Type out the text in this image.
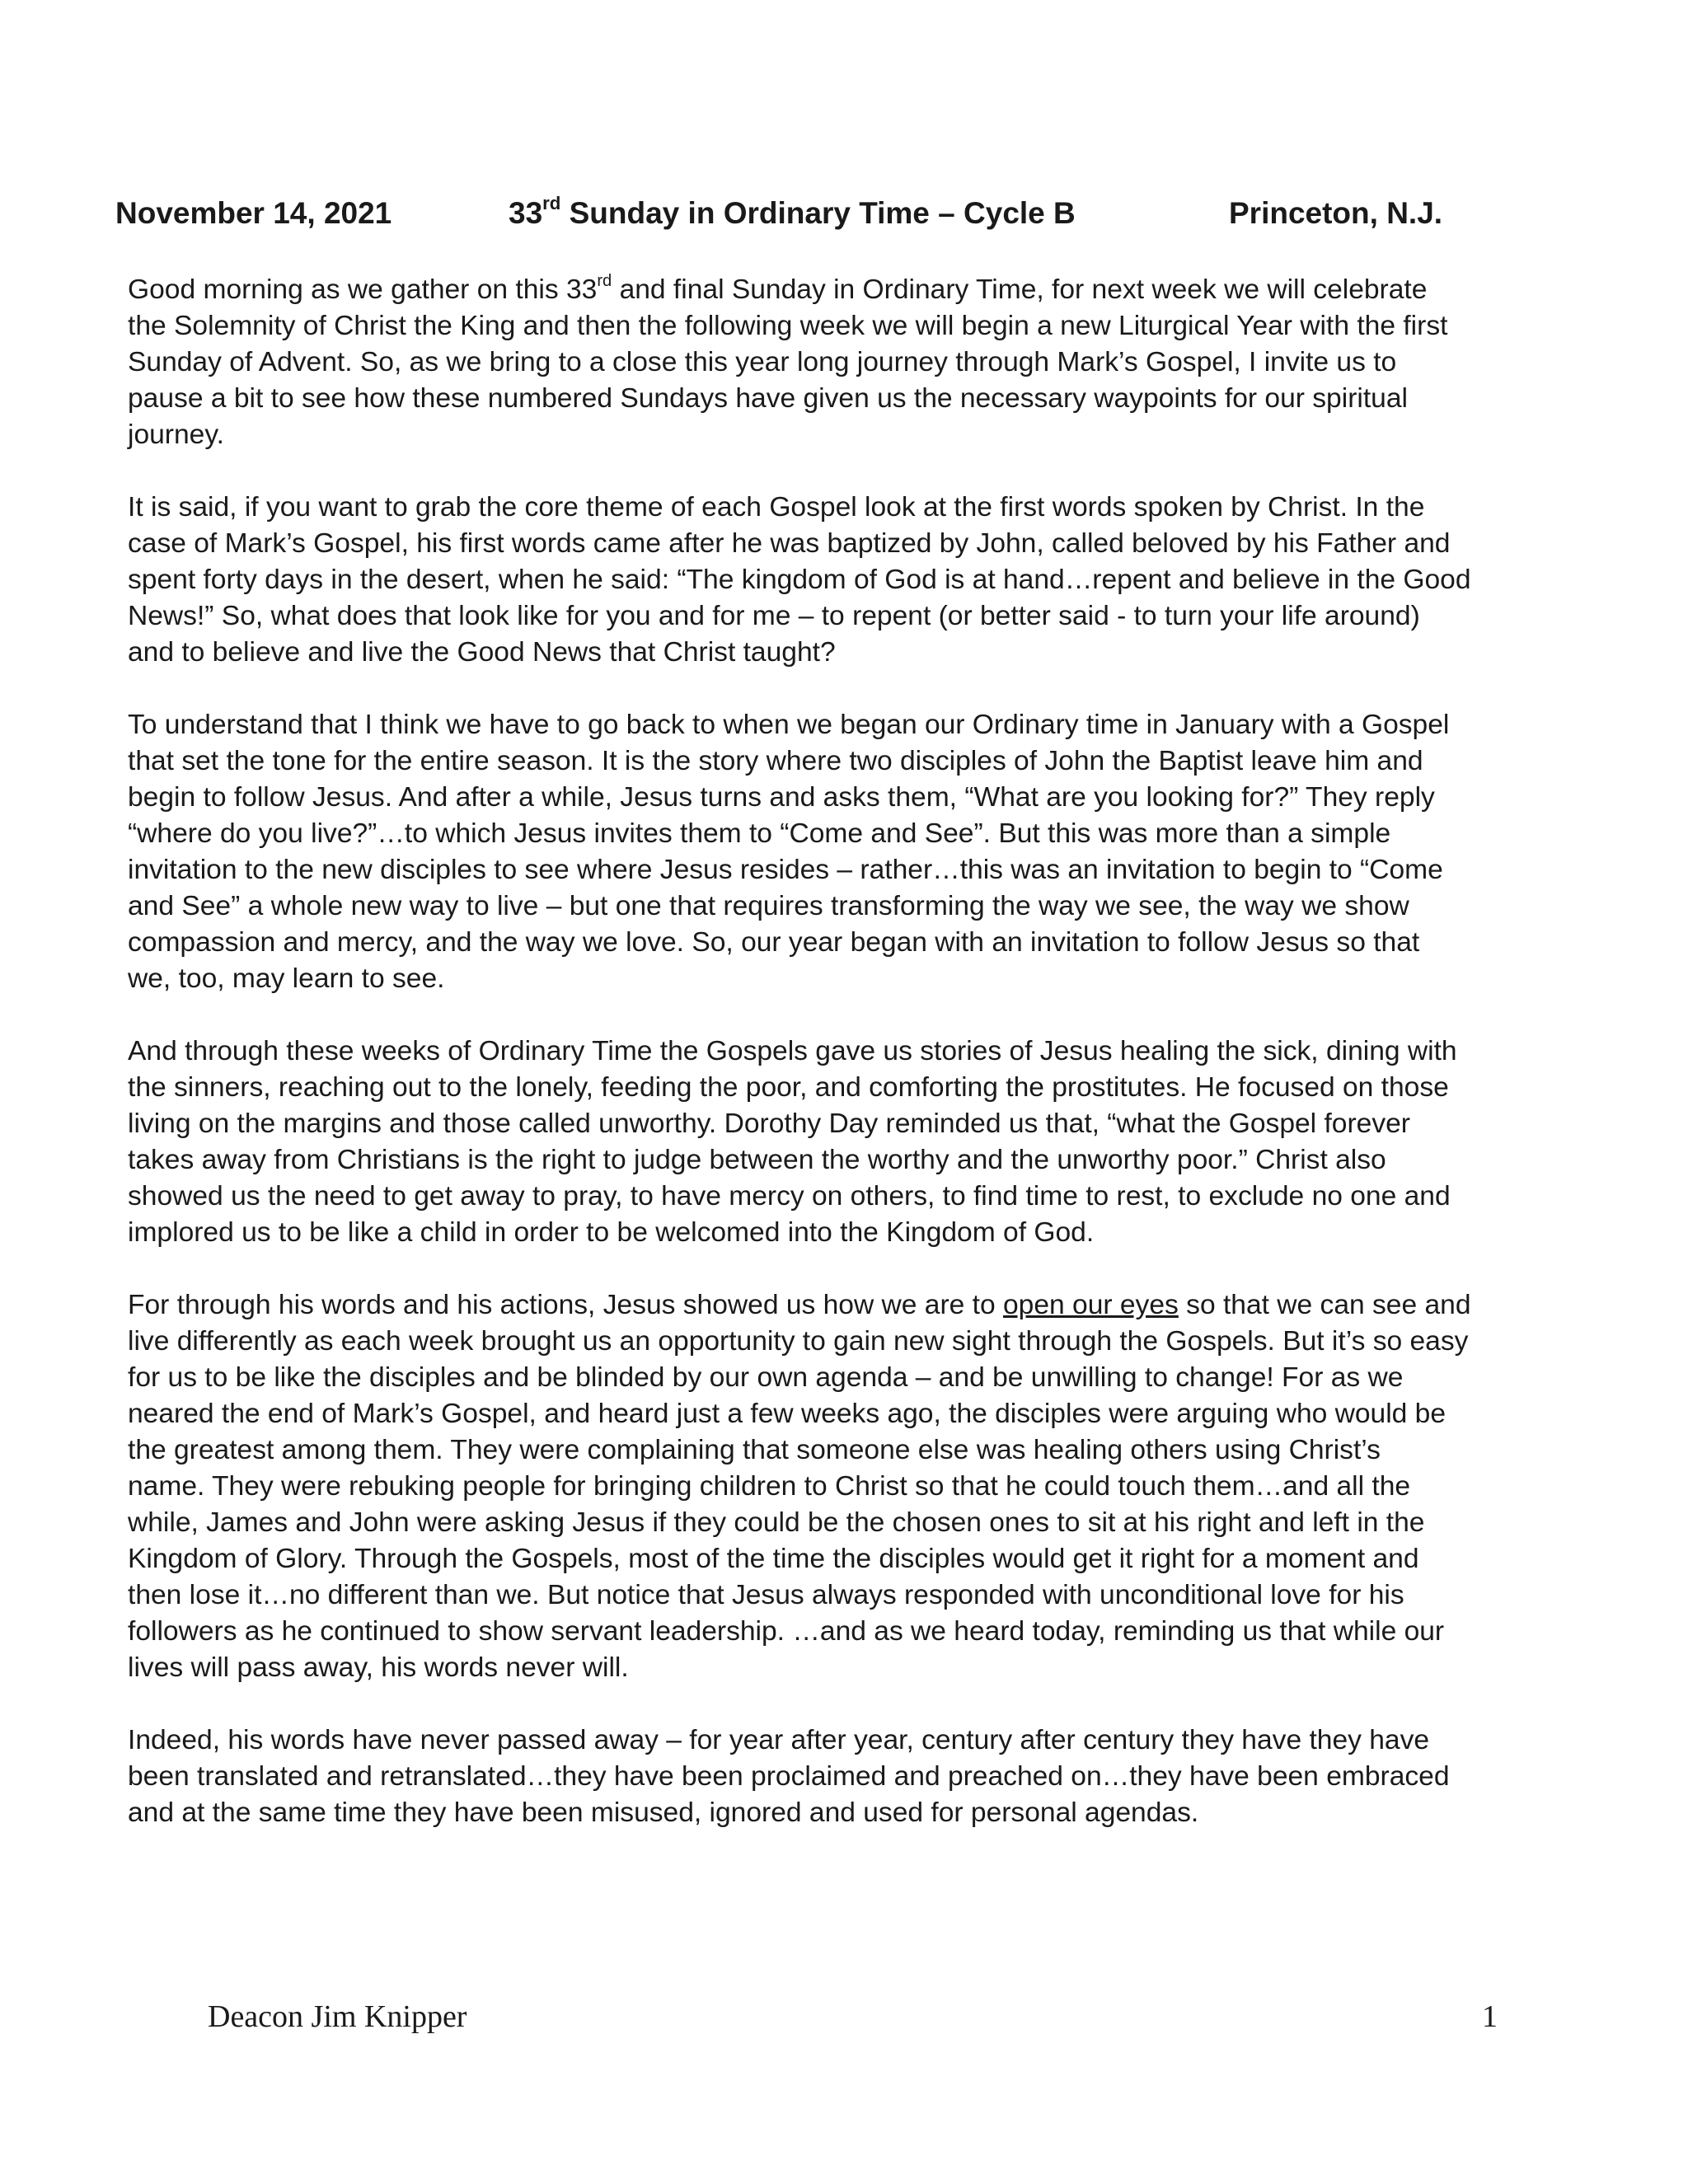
November 14, 2021	33rd Sunday in Ordinary Time – Cycle B	Princeton, N.J.
Good morning as we gather on this 33rd and final Sunday in Ordinary Time, for next week we will celebrate
the Solemnity of Christ the King and then the following week we will begin a new Liturgical Year with the first
Sunday of Advent. So, as we bring to a close this year long journey through Mark’s Gospel, I invite us to
pause a bit to see how these numbered Sundays have given us the necessary waypoints for our spiritual
journey.
It is said, if you want to grab the core theme of each Gospel look at the first words spoken by Christ. In the
case of Mark’s Gospel, his first words came after he was baptized by John, called beloved by his Father and
spent forty days in the desert, when he said: “The kingdom of God is at hand…repent and believe in the Good
News!” So, what does that look like for you and for me – to repent (or better said - to turn your life around)
and to believe and live the Good News that Christ taught?
To understand that I think we have to go back to when we began our Ordinary time in January with a Gospel
that set the tone for the entire season. It is the story where two disciples of John the Baptist leave him and
begin to follow Jesus. And after a while, Jesus turns and asks them, “What are you looking for?” They reply
“where do you live?”…to which Jesus invites them to “Come and See”. But this was more than a simple
invitation to the new disciples to see where Jesus resides – rather…this was an invitation to begin to “Come
and See” a whole new way to live – but one that requires transforming the way we see, the way we show
compassion and mercy, and the way we love. So, our year began with an invitation to follow Jesus so that
we, too, may learn to see.
And through these weeks of Ordinary Time the Gospels gave us stories of Jesus healing the sick, dining with
the sinners, reaching out to the lonely, feeding the poor, and comforting the prostitutes. He focused on those
living on the margins and those called unworthy. Dorothy Day reminded us that, “what the Gospel forever
takes away from Christians is the right to judge between the worthy and the unworthy poor.” Christ also
showed us the need to get away to pray, to have mercy on others, to find time to rest, to exclude no one and
implored us to be like a child in order to be welcomed into the Kingdom of God.
For through his words and his actions, Jesus showed us how we are to open our eyes so that we can see and
live differently as each week brought us an opportunity to gain new sight through the Gospels. But it’s so easy
for us to be like the disciples and be blinded by our own agenda – and be unwilling to change! For as we
neared the end of Mark’s Gospel, and heard just a few weeks ago, the disciples were arguing who would be
the greatest among them. They were complaining that someone else was healing others using Christ’s
name. They were rebuking people for bringing children to Christ so that he could touch them…and all the
while, James and John were asking Jesus if they could be the chosen ones to sit at his right and left in the
Kingdom of Glory. Through the Gospels, most of the time the disciples would get it right for a moment and
then lose it…no different than we. But notice that Jesus always responded with unconditional love for his
followers as he continued to show servant leadership. …and as we heard today, reminding us that while our
lives will pass away, his words never will.
Indeed, his words have never passed away – for year after year, century after century they have they have
been translated and retranslated…they have been proclaimed and preached on…they have been embraced
and at the same time they have been misused, ignored and used for personal agendas.
Deacon Jim Knipper	1
